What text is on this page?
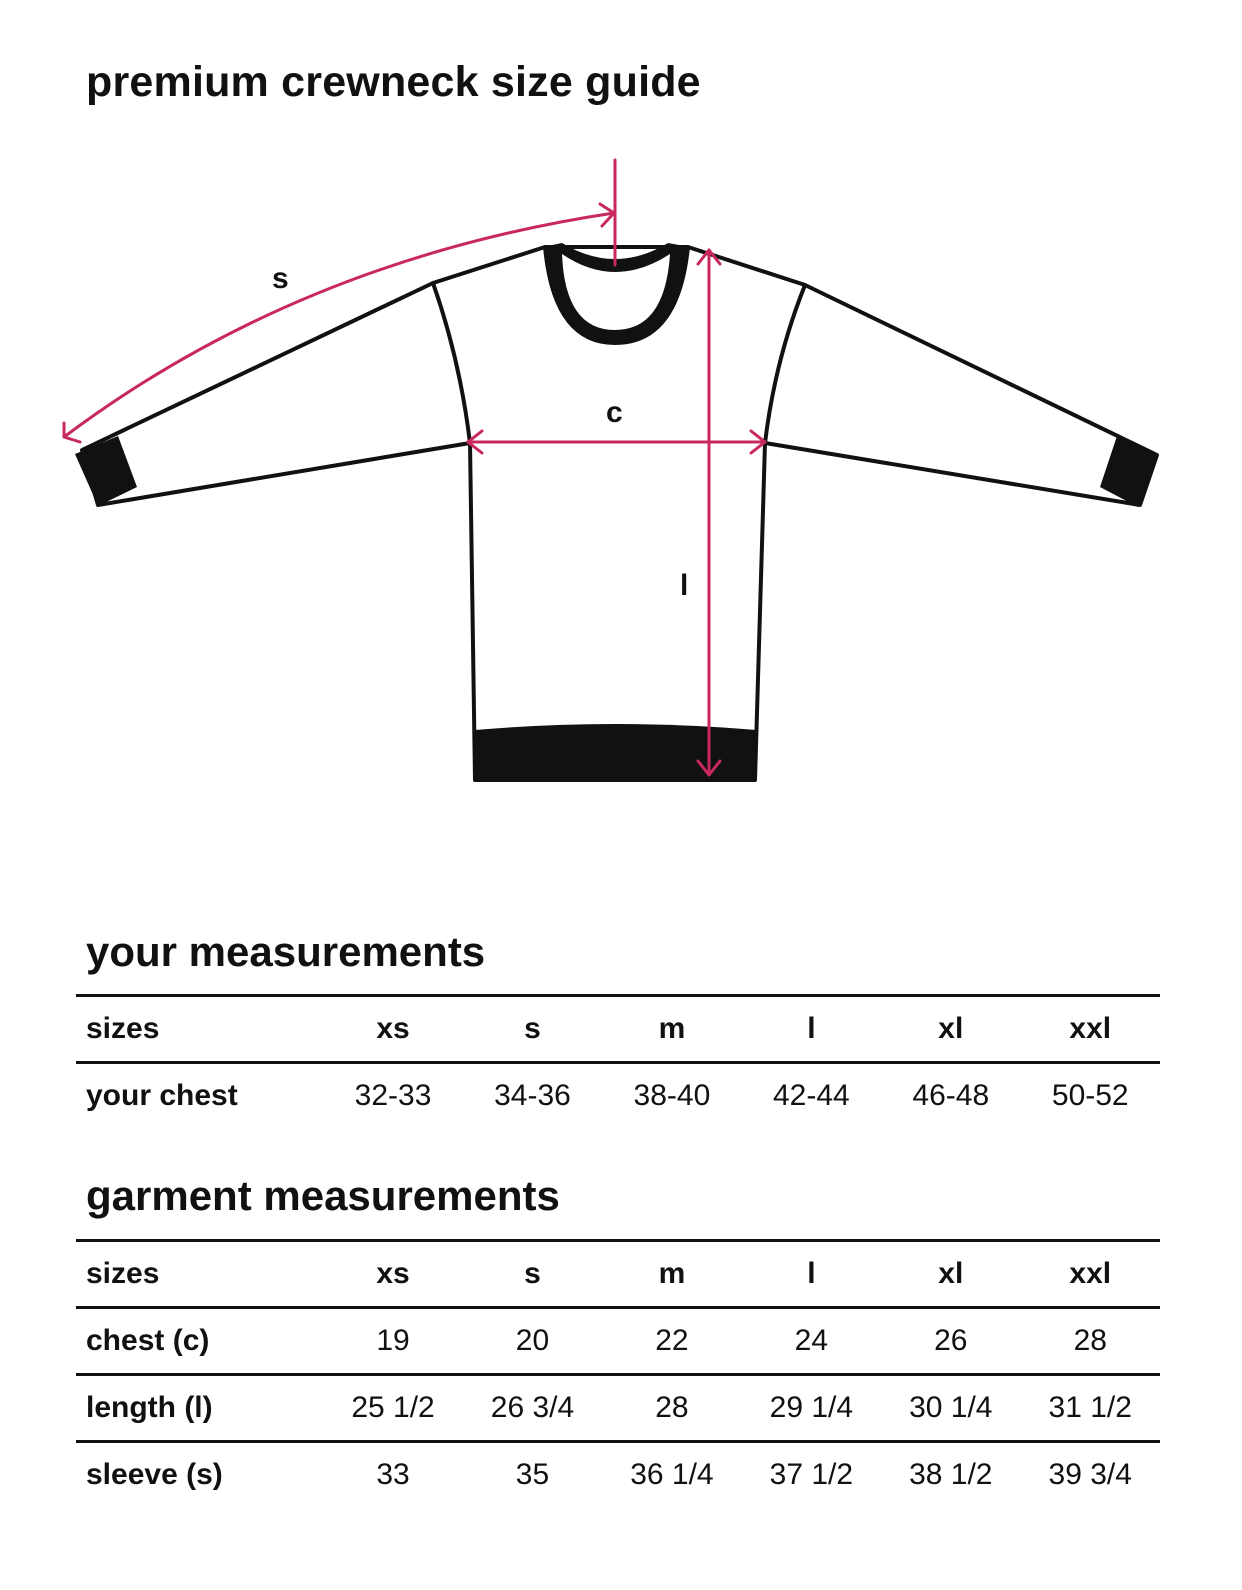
premium crewneck size guide
s
c
l
your measurements
sizes	xs	s	m	l	xl	xxl
your chest	32-33	34-36	38-40	42-44	46-48	50-52
garment measurements
sizes	xs	s	m	l	xl	xxl
chest (c)	19	20	22	24	26	28
length (l)	25 1/2	26 3/4	28	29 1/4	30 1/4	31 1/2
sleeve (s)	33	35	36 1/4	37 1/2	38 1/2	39 3/4
